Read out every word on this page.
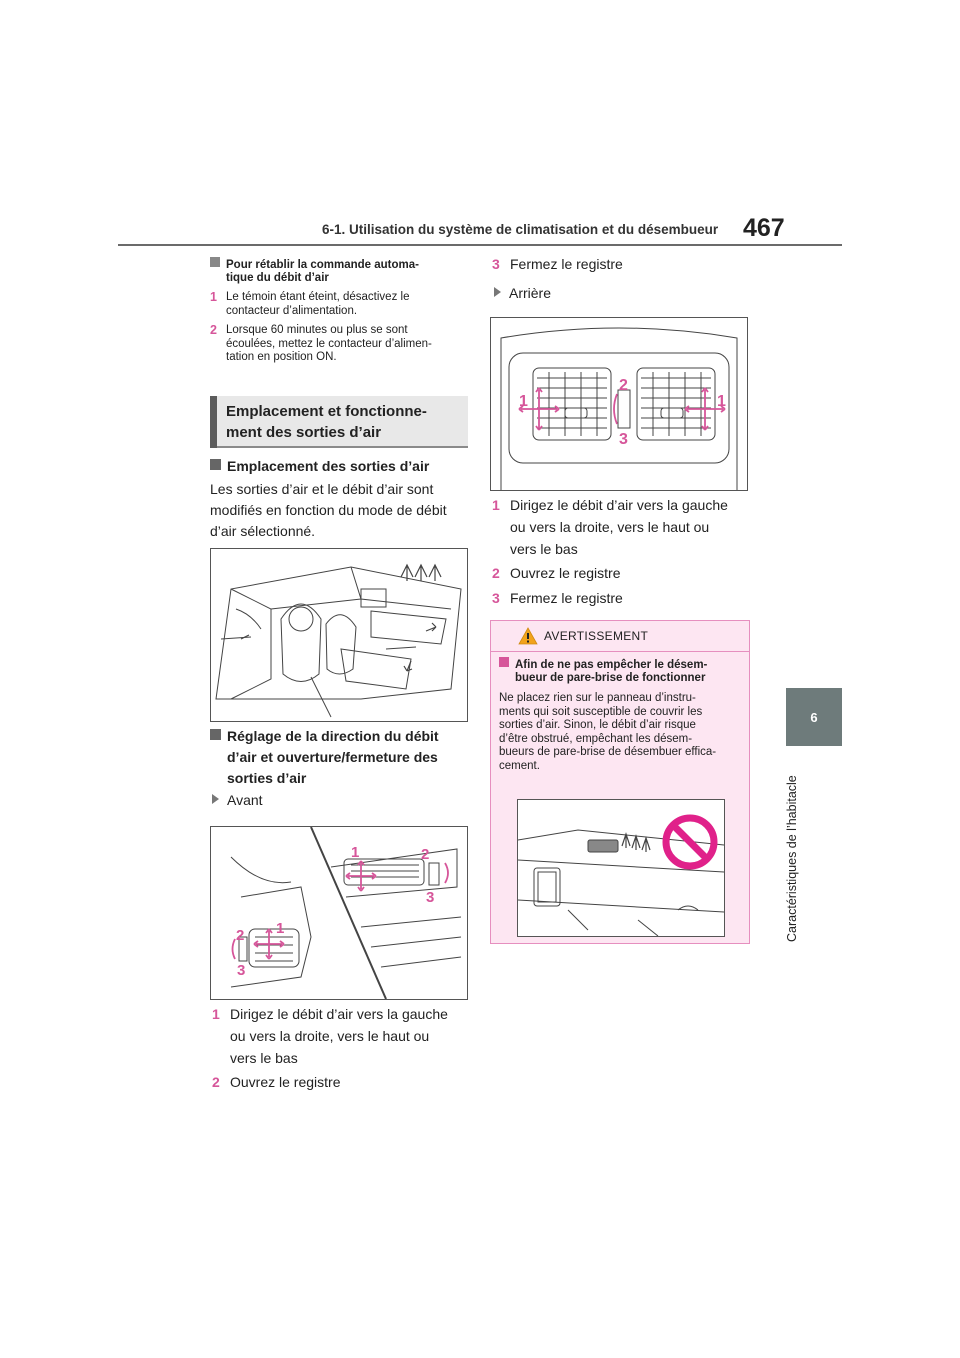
6-1. Utilisation du système de climatisation et du désembueur 467
6
Caractéristiques de l’habitacle
Pour rétablir la commande automa-
tique du débit d’air
1 Le témoin étant éteint, désactivez le
contacteur d’alimentation.
2 Lorsque 60 minutes ou plus se sont
écoulées, mettez le contacteur d’alimen-
tation en position ON.
Emplacement et fonctionne-
ment des sorties d’air
Emplacement des sorties d’air
Les sorties d’air et le débit d’air sont
modifiés en fonction du mode de débit
d’air sélectionné.
Réglage de la direction du débit
d’air et ouverture/fermeture des
sorties d’air
Avant
1	2
3
1
2
3
1 Dirigez le débit d’air vers la gauche
ou vers la droite, vers le haut ou
vers le bas
2 Ouvrez le registre
3 Fermez le registre
Arrière
1	1
2
3
1 Dirigez le débit d’air vers la gauche
ou vers la droite, vers le haut ou
vers le bas
2 Ouvrez le registre
3 Fermez le registre
AVERTISSEMENT
Afin de ne pas empêcher le désem-
bueur de pare-brise de fonctionner
Ne placez rien sur le panneau d’instru-
ments qui soit susceptible de couvrir les
sorties d’air. Sinon, le débit d’air risque
d’être obstrué, empêchant les désem-
bueurs de pare-brise de désembuer effica-
cement.
